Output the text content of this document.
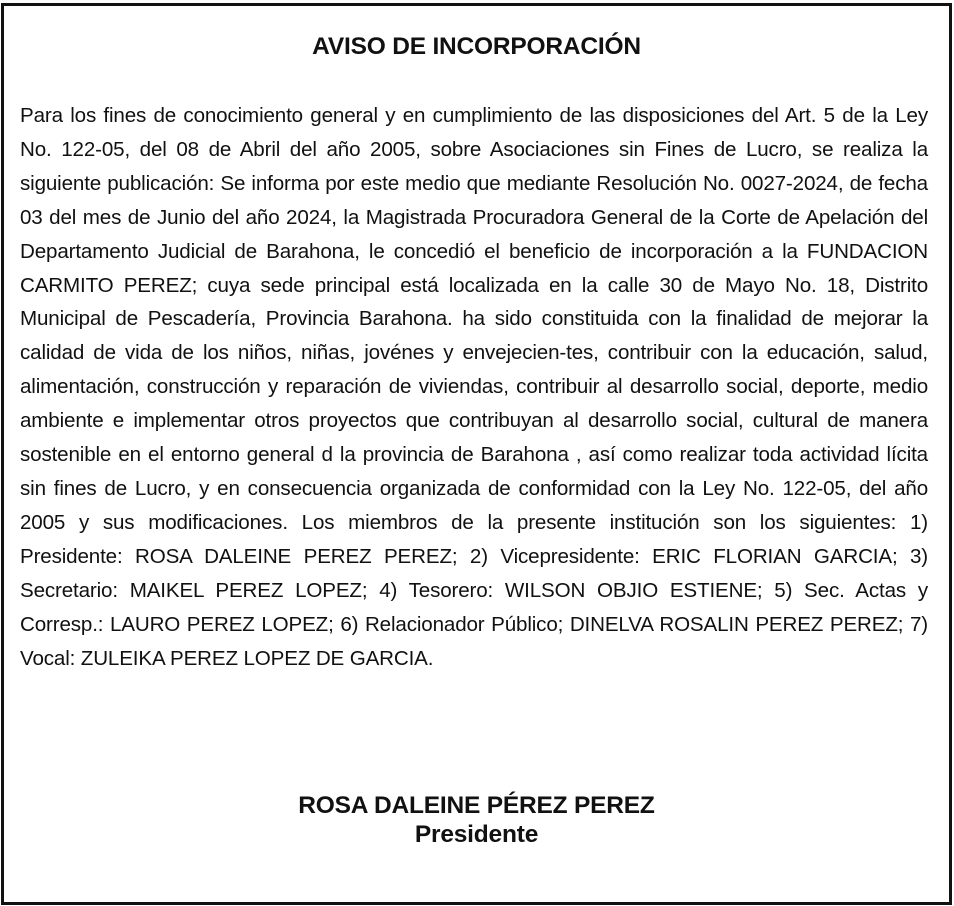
AVISO DE INCORPORACIÓN
Para los fines de conocimiento general y en cumplimiento de las disposiciones del Art. 5 de la Ley No. 122-05, del 08 de Abril del año 2005, sobre Asociaciones sin Fines de Lucro, se realiza la siguiente publicación: Se informa por este medio que mediante Resolución No. 0027-2024, de fecha 03 del mes de Junio del año 2024, la Magistrada Procuradora General de la Corte de Apelación del Departamento Judicial de Barahona, le concedió el beneficio de incorporación a la FUNDACION CARMITO PEREZ; cuya sede principal está localizada en la calle 30 de Mayo No. 18, Distrito Municipal de Pescadería, Provincia Barahona. ha sido constituida con la finalidad de mejorar la calidad de vida de los niños, niñas, jovénes y envejecien-tes, contribuir con la educación, salud, alimentación, construcción y reparación de viviendas, contribuir al desarrollo social, deporte, medio ambiente e implementar otros proyectos que contribuyan al desarrollo social, cultural de manera sostenible en el entorno general d la provincia de Barahona , así como realizar toda actividad lícita sin fines de Lucro, y en consecuencia organizada de conformidad con la Ley No. 122-05, del año 2005 y sus modificaciones. Los miembros de la presente institución son los siguientes: 1) Presidente: ROSA DALEINE PEREZ PEREZ; 2) Vicepresidente: ERIC FLORIAN GARCIA; 3) Secretario: MAIKEL PEREZ LOPEZ; 4) Tesorero: WILSON OBJIO ESTIENE; 5) Sec. Actas y Corresp.: LAURO PEREZ LOPEZ; 6) Relacionador Público; DINELVA ROSALIN PEREZ PEREZ; 7) Vocal: ZULEIKA PEREZ LOPEZ DE GARCIA.
ROSA DALEINE PÉREZ PEREZ
Presidente
